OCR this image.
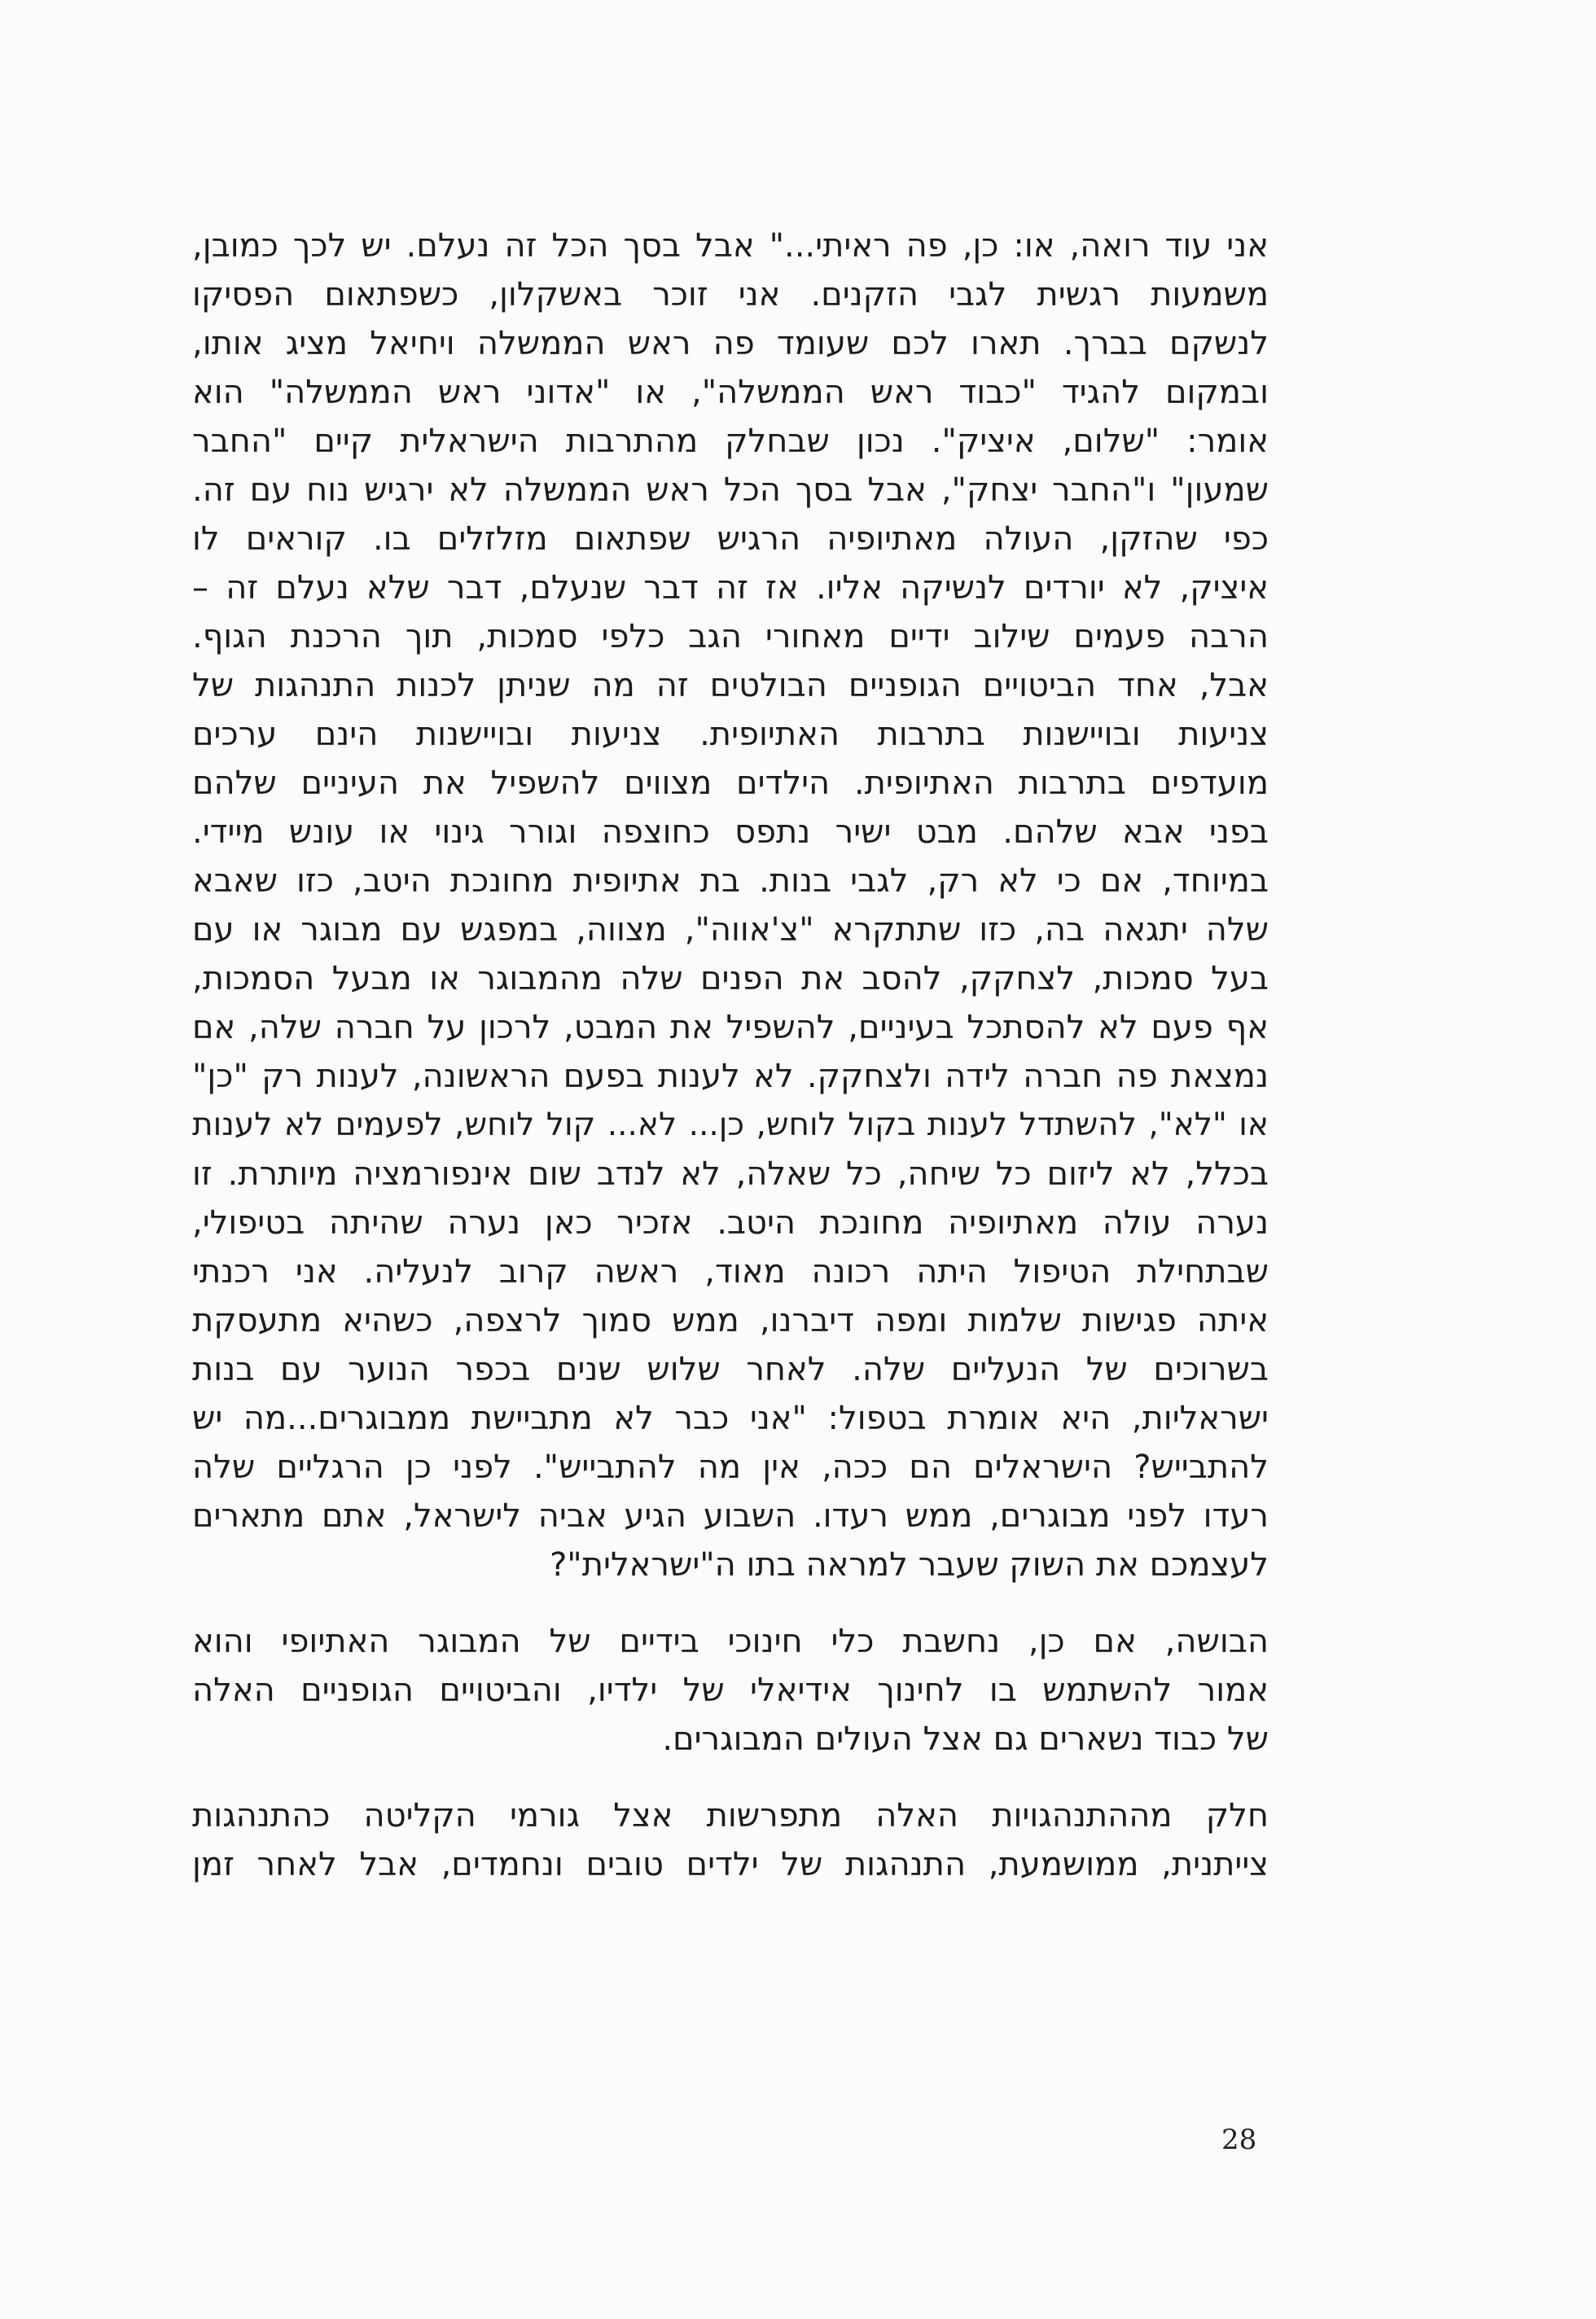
אני עוד רואה, או: כן, פה ראיתי..." אבל בסך הכל זה נעלם. יש לכך כמובן,
משמעות רגשית לגבי הזקנים. אני זוכר באשקלון, כשפתאום הפסיקו
לנשקם בברך. תארו לכם שעומד פה ראש הממשלה ויחיאל מציג אותו,
ובמקום להגיד "כבוד ראש הממשלה", או "אדוני ראש הממשלה" הוא
אומר: "שלום, איציק". נכון שבחלק מהתרבות הישראלית קיים "החבר
שמעון" ו"החבר יצחק", אבל בסך הכל ראש הממשלה לא ירגיש נוח עם זה.
כפי שהזקן, העולה מאתיופיה הרגיש שפתאום מזלזלים בו. קוראים לו
איציק, לא יורדים לנשיקה אליו. אז זה דבר שנעלם, דבר שלא נעלם זה –
הרבה פעמים שילוב ידיים מאחורי הגב כלפי סמכות, תוך הרכנת הגוף.
אבל, אחד הביטויים הגופניים הבולטים זה מה שניתן לכנות התנהגות של
צניעות ובויישנות בתרבות האתיופית. צניעות ובויישנות הינם ערכים
מועדפים בתרבות האתיופית. הילדים מצווים להשפיל את העיניים שלהם
בפני אבא שלהם. מבט ישיר נתפס כחוצפה וגורר גינוי או עונש מיידי.
במיוחד, אם כי לא רק, לגבי בנות. בת אתיופית מחונכת היטב, כזו שאבא
שלה יתגאה בה, כזו שתתקרא "צ'אווה", מצווה, במפגש עם מבוגר או עם
בעל סמכות, לצחקק, להסב את הפנים שלה מהמבוגר או מבעל הסמכות,
אף פעם לא להסתכל בעיניים, להשפיל את המבט, לרכון על חברה שלה, אם
נמצאת פה חברה לידה ולצחקק. לא לענות בפעם הראשונה, לענות רק "כן"
או "לא", להשתדל לענות בקול לוחש, כן... לא... קול לוחש, לפעמים לא לענות
בכלל, לא ליזום כל שיחה, כל שאלה, לא לנדב שום אינפורמציה מיותרת. זו
נערה עולה מאתיופיה מחונכת היטב. אזכיר כאן נערה שהיתה בטיפולי,
שבתחילת הטיפול היתה רכונה מאוד, ראשה קרוב לנעליה. אני רכנתי
איתה פגישות שלמות ומפה דיברנו, ממש סמוך לרצפה, כשהיא מתעסקת
בשרוכים של הנעליים שלה. לאחר שלוש שנים בכפר הנוער עם בנות
ישראליות, היא אומרת בטפול: "אני כבר לא מתביישת ממבוגרים...מה יש
להתבייש? הישראלים הם ככה, אין מה להתבייש". לפני כן הרגליים שלה
רעדו לפני מבוגרים, ממש רעדו. השבוע הגיע אביה לישראל, אתם מתארים
לעצמכם את השוק שעבר למראה בתו ה"ישראלית"?
הבושה, אם כן, נחשבת כלי חינוכי בידיים של המבוגר האתיופי והוא
אמור להשתמש בו לחינוך אידיאלי של ילדיו, והביטויים הגופניים האלה
של כבוד נשארים גם אצל העולים המבוגרים.
חלק מההתנהגויות האלה מתפרשות אצל גורמי הקליטה כהתנהגות
צייתנית, ממושמעת, התנהגות של ילדים טובים ונחמדים, אבל לאחר זמן
28
